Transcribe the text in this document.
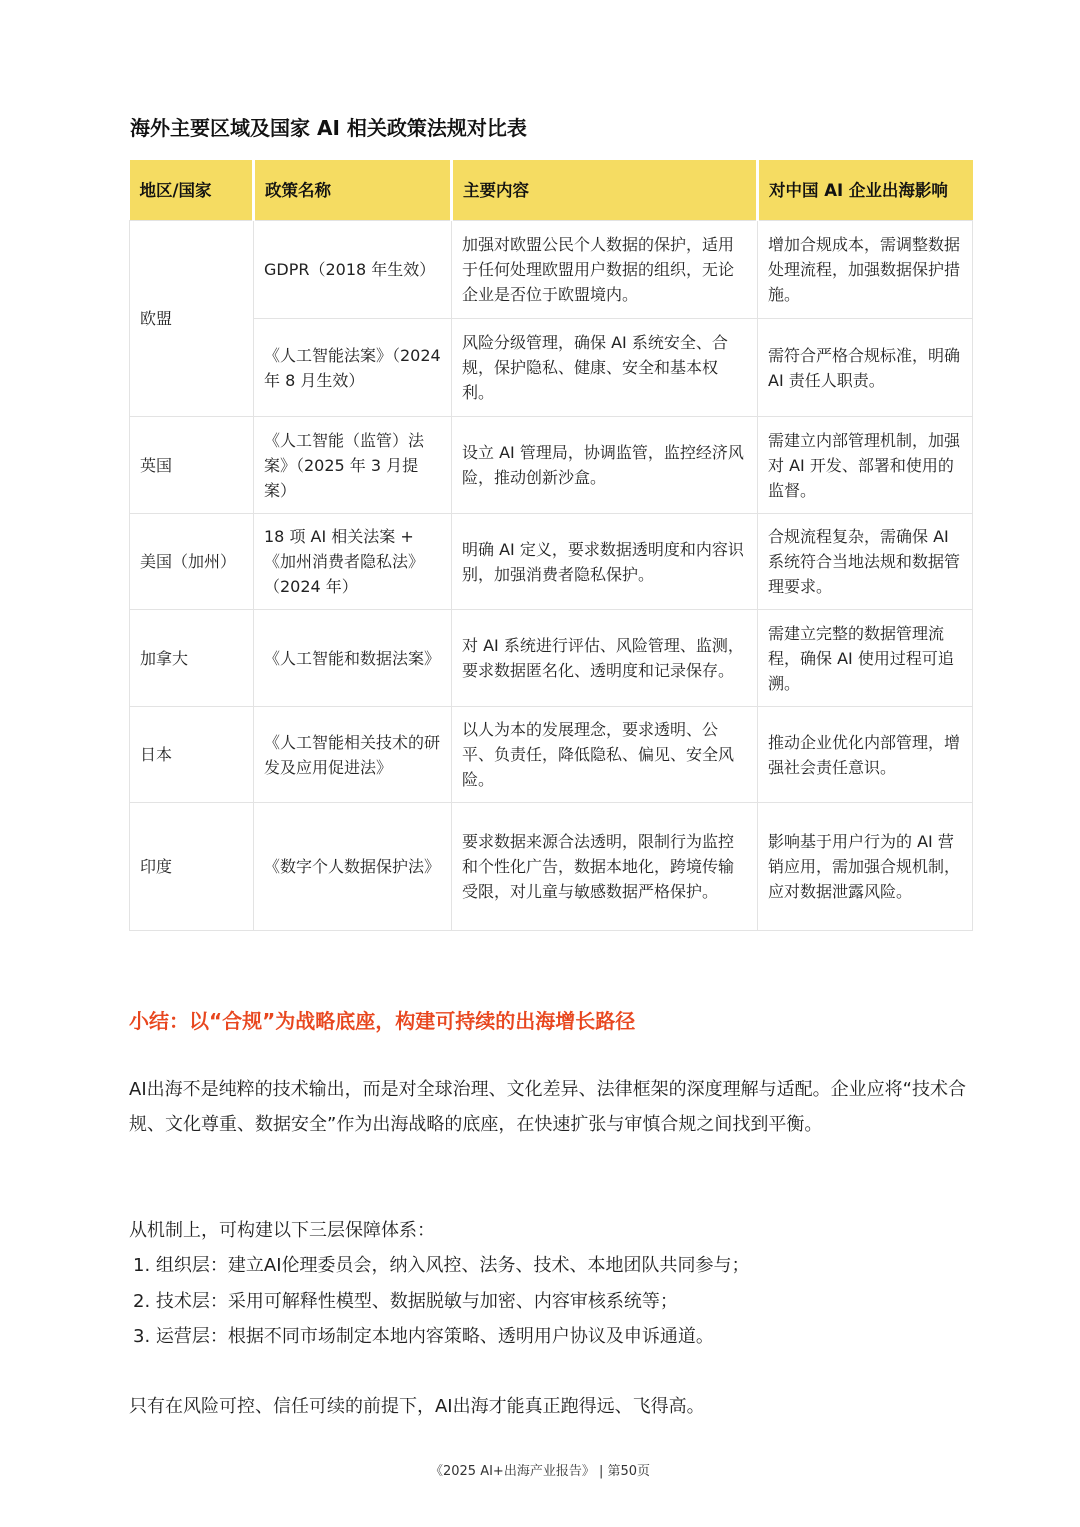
海外主要区域及国家 AI 相关政策法规对比表
地区/国家	政策名称	主要内容	对中国 AI 企业出海影响
欧盟	GDPR（2018 年生效）	加强对欧盟公民个人数据的保护，适用于任何处理欧盟用户数据的组织，无论企业是否位于欧盟境内。	增加合规成本，需调整数据处理流程，加强数据保护措施。
	《人工智能法案》（2024 年 8 月生效）	风险分级管理，确保 AI 系统安全、合规，保护隐私、健康、安全和基本权利。	需符合严格合规标准，明确 AI 责任人职责。
英国	《人工智能（监管）法案》（2025 年 3 月提案）	设立 AI 管理局，协调监管，监控经济风险，推动创新沙盒。	需建立内部管理机制，加强对 AI 开发、部署和使用的监督。
美国（加州）	18 项 AI 相关法案 +《加州消费者隐私法》（2024 年）	明确 AI 定义，要求数据透明度和内容识别，加强消费者隐私保护。	合规流程复杂，需确保 AI 系统符合当地法规和数据管理要求。
加拿大	《人工智能和数据法案》	对 AI 系统进行评估、风险管理、监测，要求数据匿名化、透明度和记录保存。	需建立完整的数据管理流程，确保 AI 使用过程可追溯。
日本	《人工智能相关技术的研发及应用促进法》	以人为本的发展理念，要求透明、公平、负责任，降低隐私、偏见、安全风险。	推动企业优化内部管理，增强社会责任意识。
印度	《数字个人数据保护法》	要求数据来源合法透明，限制行为监控和个性化广告，数据本地化，跨境传输受限，对儿童与敏感数据严格保护。	影响基于用户行为的 AI 营销应用，需加强合规机制，应对数据泄露风险。
小结：以“合规”为战略底座，构建可持续的出海增长路径
AI出海不是纯粹的技术输出，而是对全球治理、文化差异、法律框架的深度理解与适配。企业应将“技术合规、文化尊重、数据安全”作为出海战略的底座，在快速扩张与审慎合规之间找到平衡。
从机制上，可构建以下三层保障体系：
1. 组织层：建立AI伦理委员会，纳入风控、法务、技术、本地团队共同参与；
2. 技术层：采用可解释性模型、数据脱敏与加密、内容审核系统等；
3. 运营层：根据不同市场制定本地内容策略、透明用户协议及申诉通道。
只有在风险可控、信任可续的前提下，AI出海才能真正跑得远、飞得高。
《2025 AI+出海产业报告》 | 第50页
